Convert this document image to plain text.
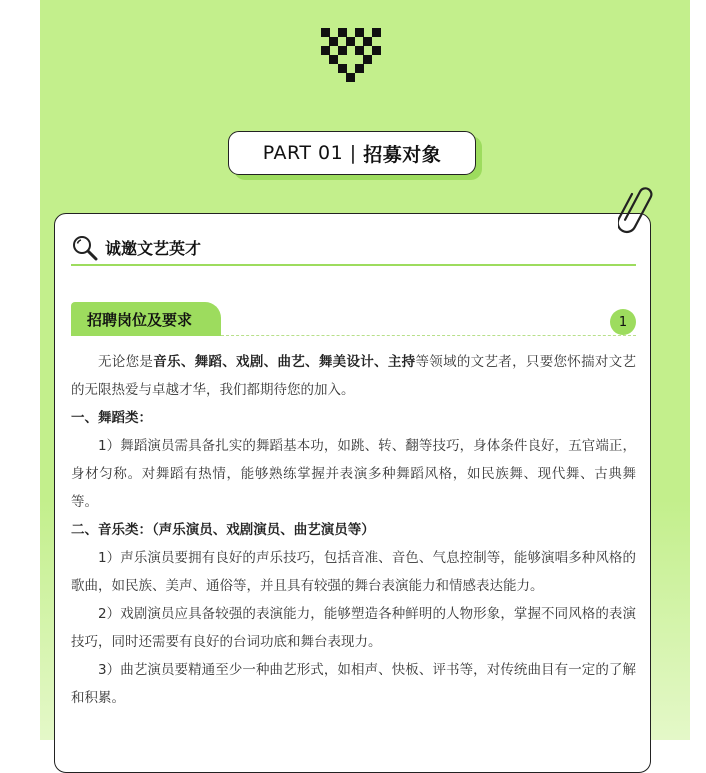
PART 01 | 招募对象
诚邀文艺英才
招聘岗位及要求	1

无论您是音乐、舞蹈、戏剧、曲艺、舞美设计、主持等领域的文艺者，只要您怀揣对文艺的无限热爱与卓越才华，我们都期待您的加入。

一、舞蹈类：

1）舞蹈演员需具备扎实的舞蹈基本功，如跳、转、翻等技巧，身体条件良好，五官端正，身材匀称。对舞蹈有热情，能够熟练掌握并表演多种舞蹈风格，如民族舞、现代舞、古典舞等。

二、音乐类：（声乐演员、戏剧演员、曲艺演员等）

1）声乐演员要拥有良好的声乐技巧，包括音准、音色、气息控制等，能够演唱多种风格的歌曲，如民族、美声、通俗等，并且具有较强的舞台表演能力和情感表达能力。

2）戏剧演员应具备较强的表演能力，能够塑造各种鲜明的人物形象，掌握不同风格的表演技巧，同时还需要有良好的台词功底和舞台表现力。

3）曲艺演员要精通至少一种曲艺形式，如相声、快板、评书等，对传统曲目有一定的了解和积累。
